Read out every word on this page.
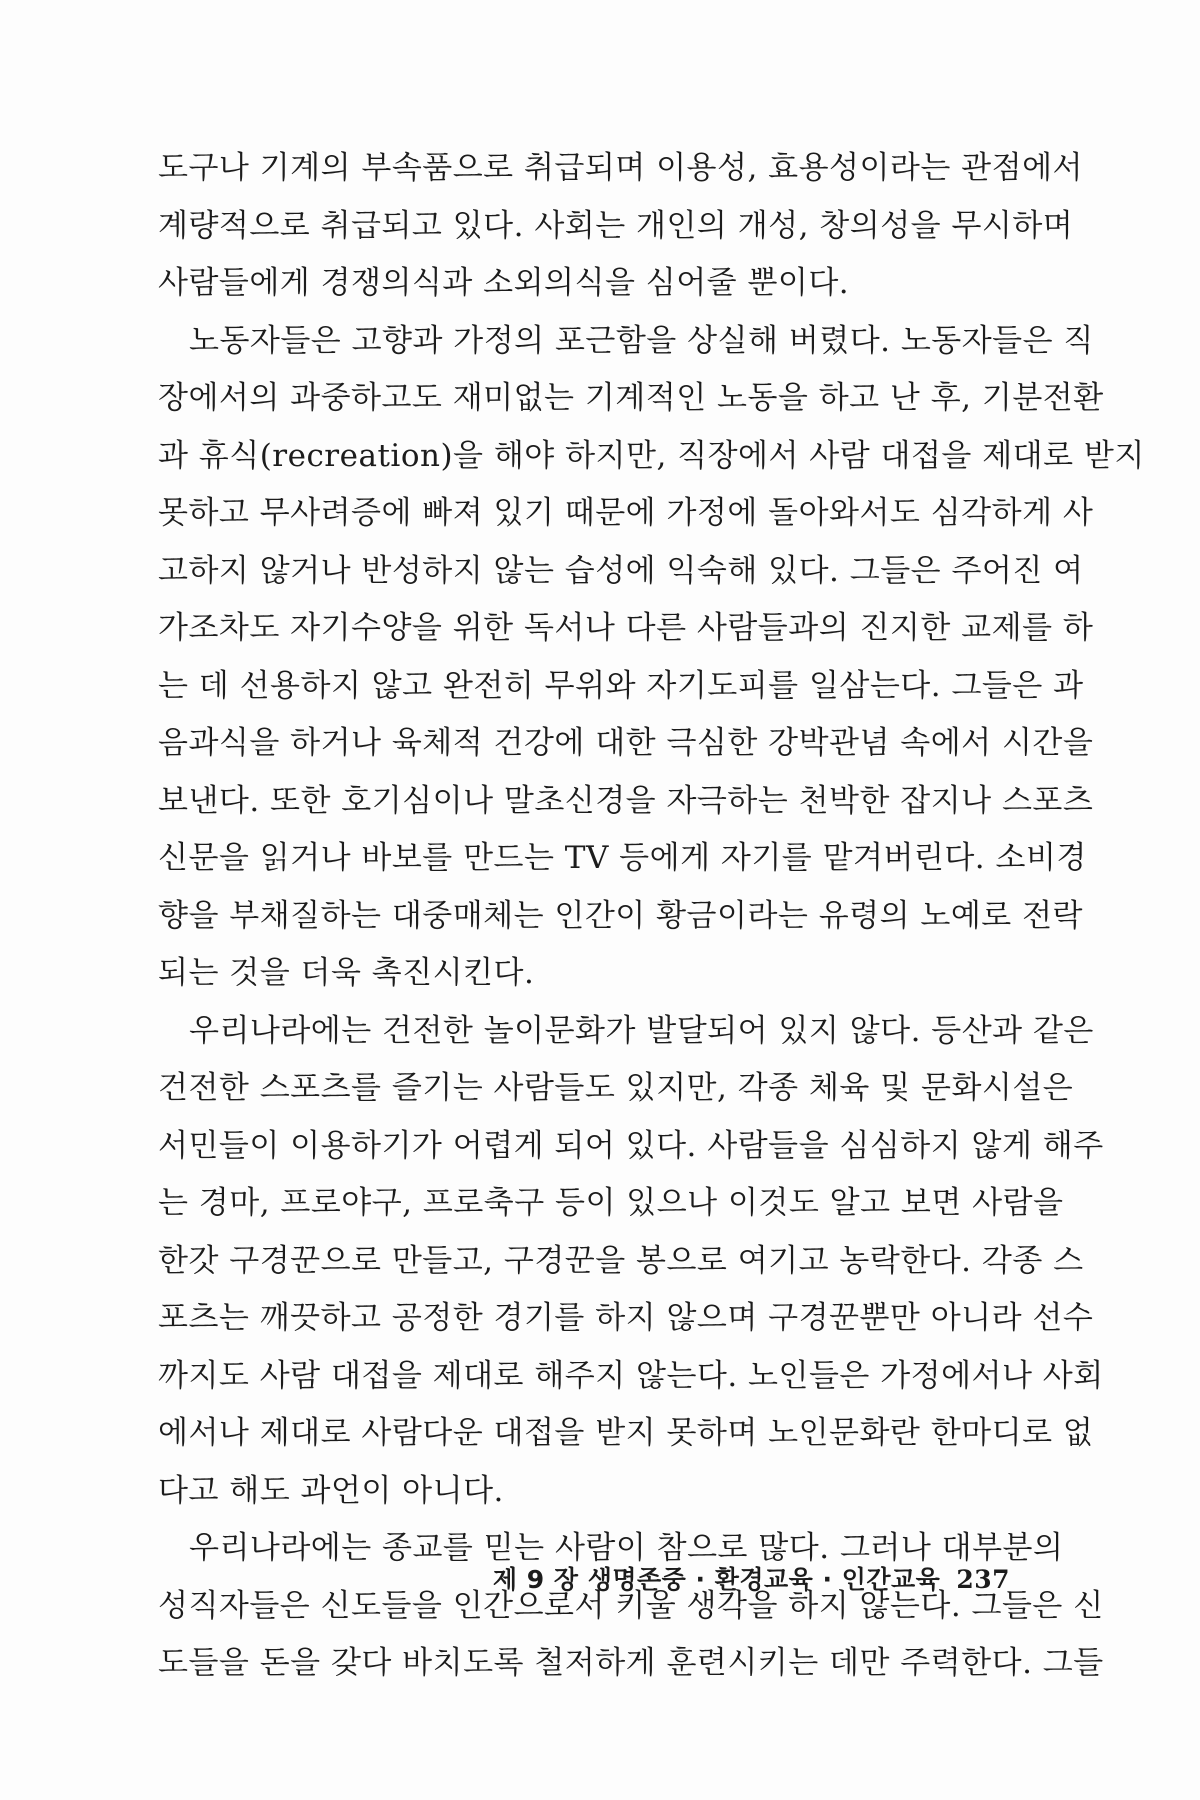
도구나 기계의 부속품으로 취급되며 이용성, 효용성이라는 관점에서
계량적으로 취급되고 있다. 사회는 개인의 개성, 창의성을 무시하며
사람들에게 경쟁의식과 소외의식을 심어줄 뿐이다.
노동자들은 고향과 가정의 포근함을 상실해 버렸다. 노동자들은 직
장에서의 과중하고도 재미없는 기계적인 노동을 하고 난 후, 기분전환
과 휴식(recreation)을 해야 하지만, 직장에서 사람 대접을 제대로 받지
못하고 무사려증에 빠져 있기 때문에 가정에 돌아와서도 심각하게 사
고하지 않거나 반성하지 않는 습성에 익숙해 있다. 그들은 주어진 여
가조차도 자기수양을 위한 독서나 다른 사람들과의 진지한 교제를 하
는 데 선용하지 않고 완전히 무위와 자기도피를 일삼는다. 그들은 과
음과식을 하거나 육체적 건강에 대한 극심한 강박관념 속에서 시간을
보낸다. 또한 호기심이나 말초신경을 자극하는 천박한 잡지나 스포츠
신문을 읽거나 바보를 만드는 TV 등에게 자기를 맡겨버린다. 소비경
향을 부채질하는 대중매체는 인간이 황금이라는 유령의 노예로 전락
되는 것을 더욱 촉진시킨다.
우리나라에는 건전한 놀이문화가 발달되어 있지 않다. 등산과 같은
건전한 스포츠를 즐기는 사람들도 있지만, 각종 체육 및 문화시설은
서민들이 이용하기가 어렵게 되어 있다. 사람들을 심심하지 않게 해주
는 경마, 프로야구, 프로축구 등이 있으나 이것도 알고 보면 사람을
한갓 구경꾼으로 만들고, 구경꾼을 봉으로 여기고 농락한다. 각종 스
포츠는 깨끗하고 공정한 경기를 하지 않으며 구경꾼뿐만 아니라 선수
까지도 사람 대접을 제대로 해주지 않는다. 노인들은 가정에서나 사회
에서나 제대로 사람다운 대접을 받지 못하며 노인문화란 한마디로 없
다고 해도 과언이 아니다.
우리나라에는 종교를 믿는 사람이 참으로 많다. 그러나 대부분의
성직자들은 신도들을 인간으로서 키울 생각을 하지 않는다. 그들은 신
도들을 돈을 갖다 바치도록 철저하게 훈련시키는 데만 주력한다. 그들
제 9 장 생명존중 · 환경교육 · 인간교육 237
